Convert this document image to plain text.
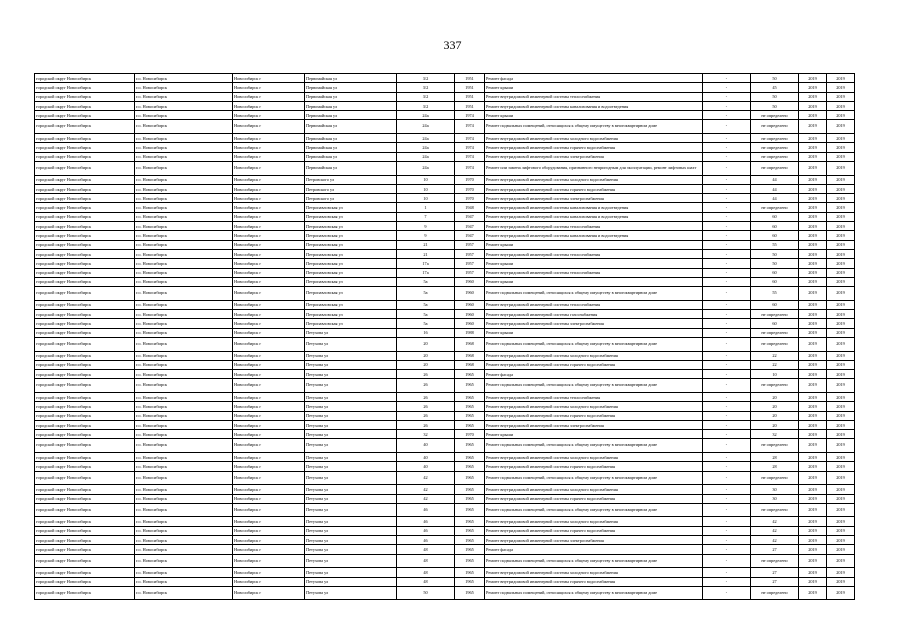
337
городской округ Новосибирск	г.о. Новосибирск	Новосибирск г	Первомайская ул	3/2	1951	Ремонт фасада	-	50	2019	2019
городской округ Новосибирск	г.о. Новосибирск	Новосибирск г	Первомайская ул	3/2	1951	Ремонт крыши	-	45	2019	2019
городской округ Новосибирск	г.о. Новосибирск	Новосибирск г	Первомайская ул	3/2	1951	Ремонт внутридомовой инженерной системы теплоснабжения	-	50	2019	2019
городской округ Новосибирск	г.о. Новосибирск	Новосибирск г	Первомайская ул	3/2	1951	Ремонт внутридомовой инженерной системы канализования и водоотведения	-	50	2019	2019
городской округ Новосибирск	г.о. Новосибирск	Новосибирск г	Первомайская ул	24а	1974	Ремонт крыши	-	не определено	2019	2019
городской округ Новосибирск	г.о. Новосибирск	Новосибирск г	Первомайская ул	24а	1974	Ремонт подвальных помещений, относящихся к общему имуществу в многоквартирном доме	-	не определено	2019	2019
городской округ Новосибирск	г.о. Новосибирск	Новосибирск г	Первомайская ул	24а	1974	Ремонт внутридомовой инженерной системы холодного водоснабжения	-	не определено	2019	2019
городской округ Новосибирск	г.о. Новосибирск	Новосибирск г	Первомайская ул	24а	1974	Ремонт внутридомовой инженерной системы горячего водоснабжения	-	не определено	2019	2019
городской округ Новосибирск	г.о. Новосибирск	Новосибирск г	Первомайская ул	24а	1974	Ремонт внутридомовой инженерной системы электроснабжения	-	не определено	2019	2019
городской округ Новосибирск	г.о. Новосибирск	Новосибирск г	Первомайская ул	24а	1974	Ремонт или замена лифтового оборудования, признанного непригодным для эксплуатации, ремонт лифтовых шахт	-	не определено	2019	2019
городской округ Новосибирск	г.о. Новосибирск	Новосибирск г	Петровского ул	10	1970	Ремонт внутридомовой инженерной системы холодного водоснабжения	-	44	2019	2019
городской округ Новосибирск	г.о. Новосибирск	Новосибирск г	Петровского ул	10	1970	Ремонт внутридомовой инженерной системы горячего водоснабжения	-	44	2019	2019
городской округ Новосибирск	г.о. Новосибирск	Новосибирск г	Петровского ул	10	1970	Ремонт внутридомовой инженерной системы электроснабжения	-	44	2019	2019
городской округ Новосибирск	г.о. Новосибирск	Новосибирск г	Петропавловская ул	1	1948	Ремонт внутридомовой инженерной системы канализования и водоотведения	-	не определено	2019	2019
городской округ Новосибирск	г.о. Новосибирск	Новосибирск г	Петропавловская ул	7	1947	Ремонт внутридомовой инженерной системы канализования и водоотведения	-	60	2019	2019
городской округ Новосибирск	г.о. Новосибирск	Новосибирск г	Петропавловская ул	9	1947	Ремонт внутридомовой инженерной системы теплоснабжения	-	60	2019	2019
городской округ Новосибирск	г.о. Новосибирск	Новосибирск г	Петропавловская ул	9	1947	Ремонт внутридомовой инженерной системы канализования и водоотведения	-	60	2019	2019
городской округ Новосибирск	г.о. Новосибирск	Новосибирск г	Петропавловская ул	21	1957	Ремонт крыши	-	55	2019	2019
городской округ Новосибирск	г.о. Новосибирск	Новосибирск г	Петропавловская ул	21	1957	Ремонт внутридомовой инженерной системы теплоснабжения	-	50	2019	2019
городской округ Новосибирск	г.о. Новосибирск	Новосибирск г	Петропавловская ул	17а	1957	Ремонт крыши	-	50	2019	2019
городской округ Новосибирск	г.о. Новосибирск	Новосибирск г	Петропавловская ул	17а	1957	Ремонт внутридомовой инженерной системы теплоснабжения	-	60	2019	2019
городской округ Новосибирск	г.о. Новосибирск	Новосибирск г	Петропавловская ул	5а	1960	Ремонт крыши	-	60	2019	2019
городской округ Новосибирск	г.о. Новосибирск	Новосибирск г	Петропавловская ул	5а	1960	Ремонт подвальных помещений, относящихся к общему имуществу в многоквартирном доме	-	55	2019	2019
городской округ Новосибирск	г.о. Новосибирск	Новосибирск г	Петропавловская ул	5а	1960	Ремонт внутридомовой инженерной системы теплоснабжения	-	60	2019	2019
городской округ Новосибирск	г.о. Новосибирск	Новосибирск г	Петропавловская ул	5а	1960	Ремонт внутридомовой инженерной системы газоснабжения	-	не определено	2019	2019
городской округ Новосибирск	г.о. Новосибирск	Новосибирск г	Петропавловская ул	5а	1960	Ремонт внутридомовой инженерной системы электроснабжения	-	60	2019	2019
городской округ Новосибирск	г.о. Новосибирск	Новосибирск г	Петухова ул	16	1988	Ремонт крыши	-	не определено	2019	2019
городской округ Новосибирск	г.о. Новосибирск	Новосибирск г	Петухова ул	20	1968	Ремонт подвальных помещений, относящихся к общему имуществу в многоквартирном доме	-	не определено	2019	2019
городской округ Новосибирск	г.о. Новосибирск	Новосибирск г	Петухова ул	20	1968	Ремонт внутридомовой инженерной системы холодного водоснабжения	-	22	2019	2019
городской округ Новосибирск	г.о. Новосибирск	Новосибирск г	Петухова ул	20	1968	Ремонт внутридомовой инженерной системы горячего водоснабжения	-	22	2019	2019
городской округ Новосибирск	г.о. Новосибирск	Новосибирск г	Петухова ул	26	1965	Ремонт фасада	-	10	2019	2019
городской округ Новосибирск	г.о. Новосибирск	Новосибирск г	Петухова ул	26	1965	Ремонт подвальных помещений, относящихся к общему имуществу в многоквартирном доме	-	не определено	2019	2019
городской округ Новосибирск	г.о. Новосибирск	Новосибирск г	Петухова ул	26	1965	Ремонт внутридомовой инженерной системы теплоснабжения	-	20	2019	2019
городской округ Новосибирск	г.о. Новосибирск	Новосибирск г	Петухова ул	26	1965	Ремонт внутридомовой инженерной системы холодного водоснабжения	-	20	2019	2019
городской округ Новосибирск	г.о. Новосибирск	Новосибирск г	Петухова ул	26	1965	Ремонт внутридомовой инженерной системы горячего водоснабжения	-	20	2019	2019
городской округ Новосибирск	г.о. Новосибирск	Новосибирск г	Петухова ул	26	1965	Ремонт внутридомовой инженерной системы электроснабжения	-	20	2019	2019
городской округ Новосибирск	г.о. Новосибирск	Новосибирск г	Петухова ул	32	1970	Ремонт крыши	-	32	2019	2019
городской округ Новосибирск	г.о. Новосибирск	Новосибирск г	Петухова ул	40	1965	Ремонт подвальных помещений, относящихся к общему имуществу в многоквартирном доме	-	не определено	2019	2019
городской округ Новосибирск	г.о. Новосибирск	Новосибирск г	Петухова ул	40	1965	Ремонт внутридомовой инженерной системы холодного водоснабжения	-	28	2019	2019
городской округ Новосибирск	г.о. Новосибирск	Новосибирск г	Петухова ул	40	1965	Ремонт внутридомовой инженерной системы горячего водоснабжения	-	28	2019	2019
городской округ Новосибирск	г.о. Новосибирск	Новосибирск г	Петухова ул	42	1965	Ремонт подвальных помещений, относящихся к общему имуществу в многоквартирном доме	-	не определено	2019	2019
городской округ Новосибирск	г.о. Новосибирск	Новосибирск г	Петухова ул	42	1965	Ремонт внутридомовой инженерной системы холодного водоснабжения	-	30	2019	2019
городской округ Новосибирск	г.о. Новосибирск	Новосибирск г	Петухова ул	42	1965	Ремонт внутридомовой инженерной системы горячего водоснабжения	-	30	2019	2019
городской округ Новосибирск	г.о. Новосибирск	Новосибирск г	Петухова ул	46	1965	Ремонт подвальных помещений, относящихся к общему имуществу в многоквартирном доме	-	не определено	2019	2019
городской округ Новосибирск	г.о. Новосибирск	Новосибирск г	Петухова ул	46	1965	Ремонт внутридомовой инженерной системы холодного водоснабжения	-	42	2019	2019
городской округ Новосибирск	г.о. Новосибирск	Новосибирск г	Петухова ул	46	1965	Ремонт внутридомовой инженерной системы горячего водоснабжения	-	42	2019	2019
городской округ Новосибирск	г.о. Новосибирск	Новосибирск г	Петухова ул	46	1965	Ремонт внутридомовой инженерной системы электроснабжения	-	42	2019	2019
городской округ Новосибирск	г.о. Новосибирск	Новосибирск г	Петухова ул	48	1965	Ремонт фасада	-	27	2019	2019
городской округ Новосибирск	г.о. Новосибирск	Новосибирск г	Петухова ул	48	1965	Ремонт подвальных помещений, относящихся к общему имуществу в многоквартирном доме	-	не определено	2019	2019
городской округ Новосибирск	г.о. Новосибирск	Новосибирск г	Петухова ул	48	1965	Ремонт внутридомовой инженерной системы холодного водоснабжения	-	27	2019	2019
городской округ Новосибирск	г.о. Новосибирск	Новосибирск г	Петухова ул	48	1965	Ремонт внутридомовой инженерной системы горячего водоснабжения	-	27	2019	2019
городской округ Новосибирск	г.о. Новосибирск	Новосибирск г	Петухова ул	50	1965	Ремонт подвальных помещений, относящихся к общему имуществу в многоквартирном доме	-	не определено	2019	2019
